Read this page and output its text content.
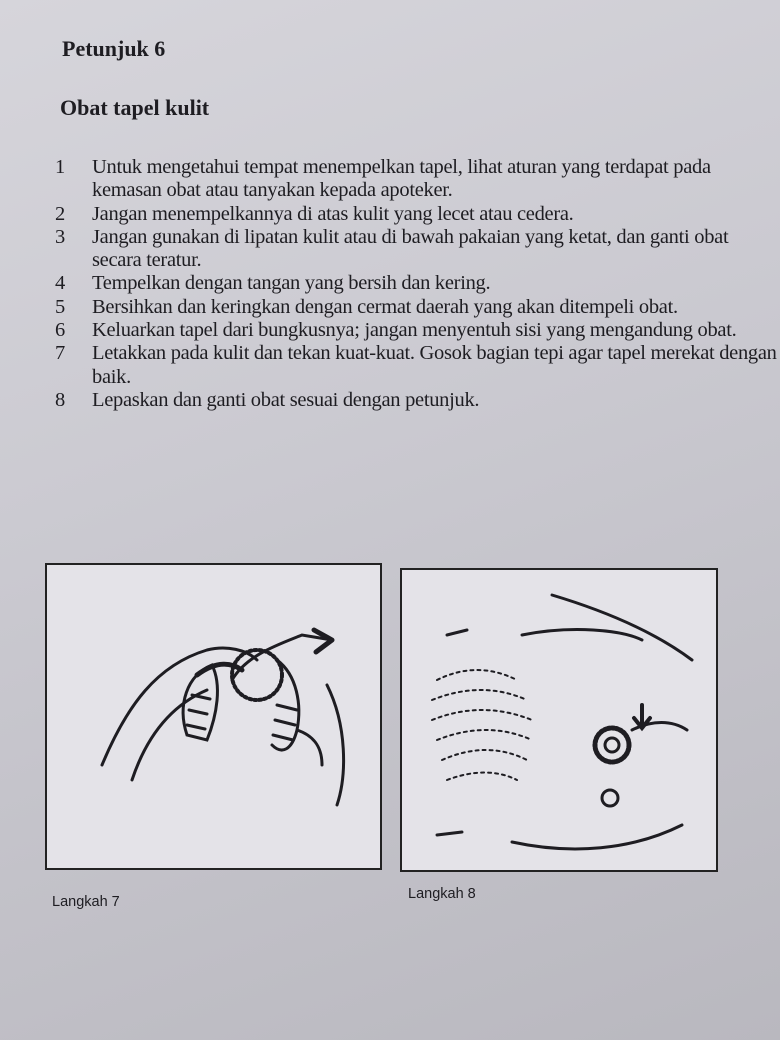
Petunjuk 6
Obat tapel kulit
1 Untuk mengetahui tempat menempelkan tapel, lihat aturan yang terdapat pada kemasan obat atau tanyakan kepada apoteker.
2 Jangan menempelkannya di atas kulit yang lecet atau cedera.
3 Jangan gunakan di lipatan kulit atau di bawah pakaian yang ketat, dan ganti obat secara teratur.
4 Tempelkan dengan tangan yang bersih dan kering.
5 Bersihkan dan keringkan dengan cermat daerah yang akan ditempeli obat.
6 Keluarkan tapel dari bungkusnya; jangan menyentuh sisi yang mengandung obat.
7 Letakkan pada kulit dan tekan kuat-kuat. Gosok bagian tepi agar tapel merekat dengan baik.
8 Lepaskan dan ganti obat sesuai dengan petunjuk.
Langkah 7	Langkah 8
